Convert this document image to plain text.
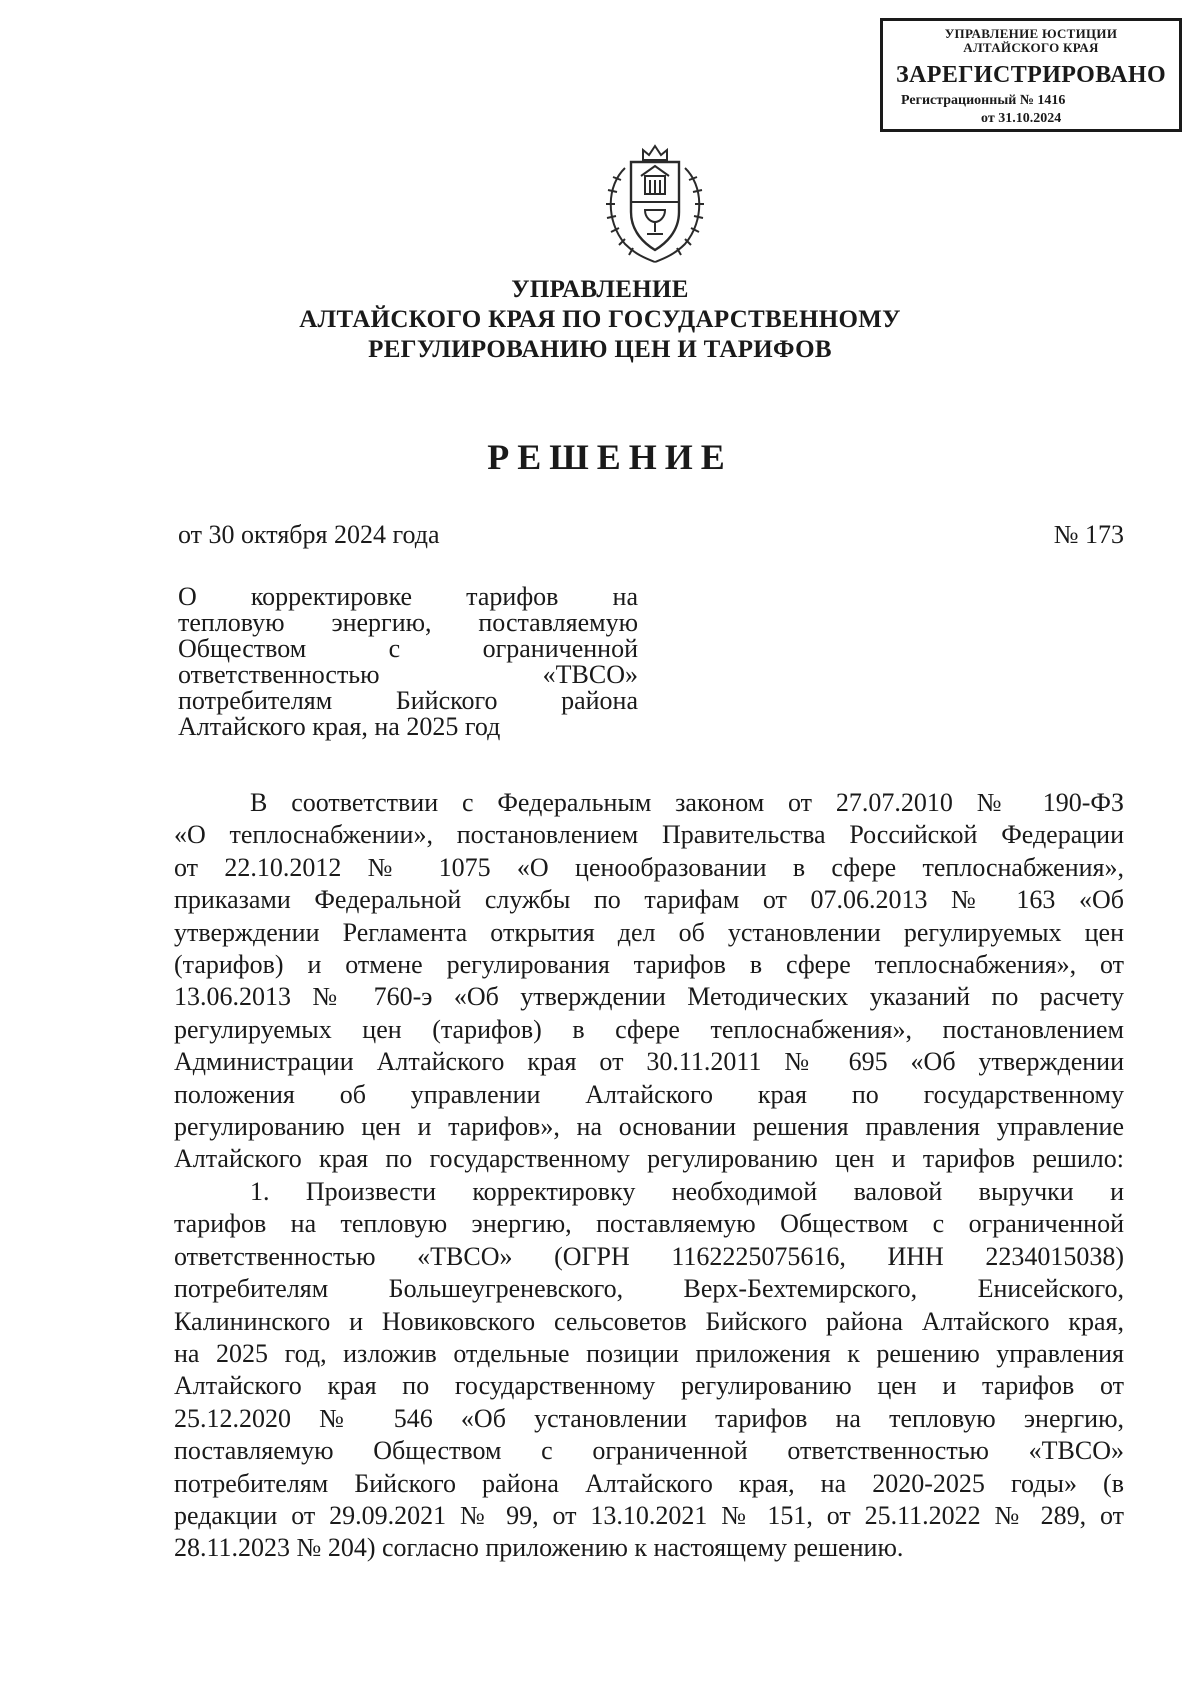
УПРАВЛЕНИЕ ЮСТИЦИИ
АЛТАЙСКОГО КРАЯ
ЗАРЕГИСТРИРОВАНО
Регистрационный № 1416
от 31.10.2024
УПРАВЛЕНИЕ
АЛТАЙСКОГО КРАЯ ПО ГОСУДАРСТВЕННОМУ
РЕГУЛИРОВАНИЮ ЦЕН И ТАРИФОВ
РЕШЕНИЕ
от 30 октября 2024 года	№ 173
О корректировке тарифов на
тепловую энергию, поставляемую
Обществом с ограниченной
ответственностью «ТВСО»
потребителям Бийского района
Алтайского края, на 2025 год
В соответствии с Федеральным законом от 27.07.2010 № 190-ФЗ
«О теплоснабжении», постановлением Правительства Российской Федерации
от 22.10.2012 № 1075 «О ценообразовании в сфере теплоснабжения»,
приказами Федеральной службы по тарифам от 07.06.2013 № 163 «Об
утверждении Регламента открытия дел об установлении регулируемых цен
(тарифов) и отмене регулирования тарифов в сфере теплоснабжения», от
13.06.2013 № 760-э «Об утверждении Методических указаний по расчету
регулируемых цен (тарифов) в сфере теплоснабжения», постановлением
Администрации Алтайского края от 30.11.2011 № 695 «Об утверждении
положения об управлении Алтайского края по государственному
регулированию цен и тарифов», на основании решения правления управление
Алтайского края по государственному регулированию цен и тарифов решило:
1. Произвести корректировку необходимой валовой выручки и
тарифов на тепловую энергию, поставляемую Обществом с ограниченной
ответственностью «ТВСО» (ОГРН 1162225075616, ИНН 2234015038)
потребителям Большеугреневского, Верх-Бехтемирского, Енисейского,
Калининского и Новиковского сельсоветов Бийского района Алтайского края,
на 2025 год, изложив отдельные позиции приложения к решению управления
Алтайского края по государственному регулированию цен и тарифов от
25.12.2020 № 546 «Об установлении тарифов на тепловую энергию,
поставляемую Обществом с ограниченной ответственностью «ТВСО»
потребителям Бийского района Алтайского края, на 2020-2025 годы» (в
редакции от 29.09.2021 № 99, от 13.10.2021 № 151, от 25.11.2022 № 289, от
28.11.2023 № 204) согласно приложению к настоящему решению.
